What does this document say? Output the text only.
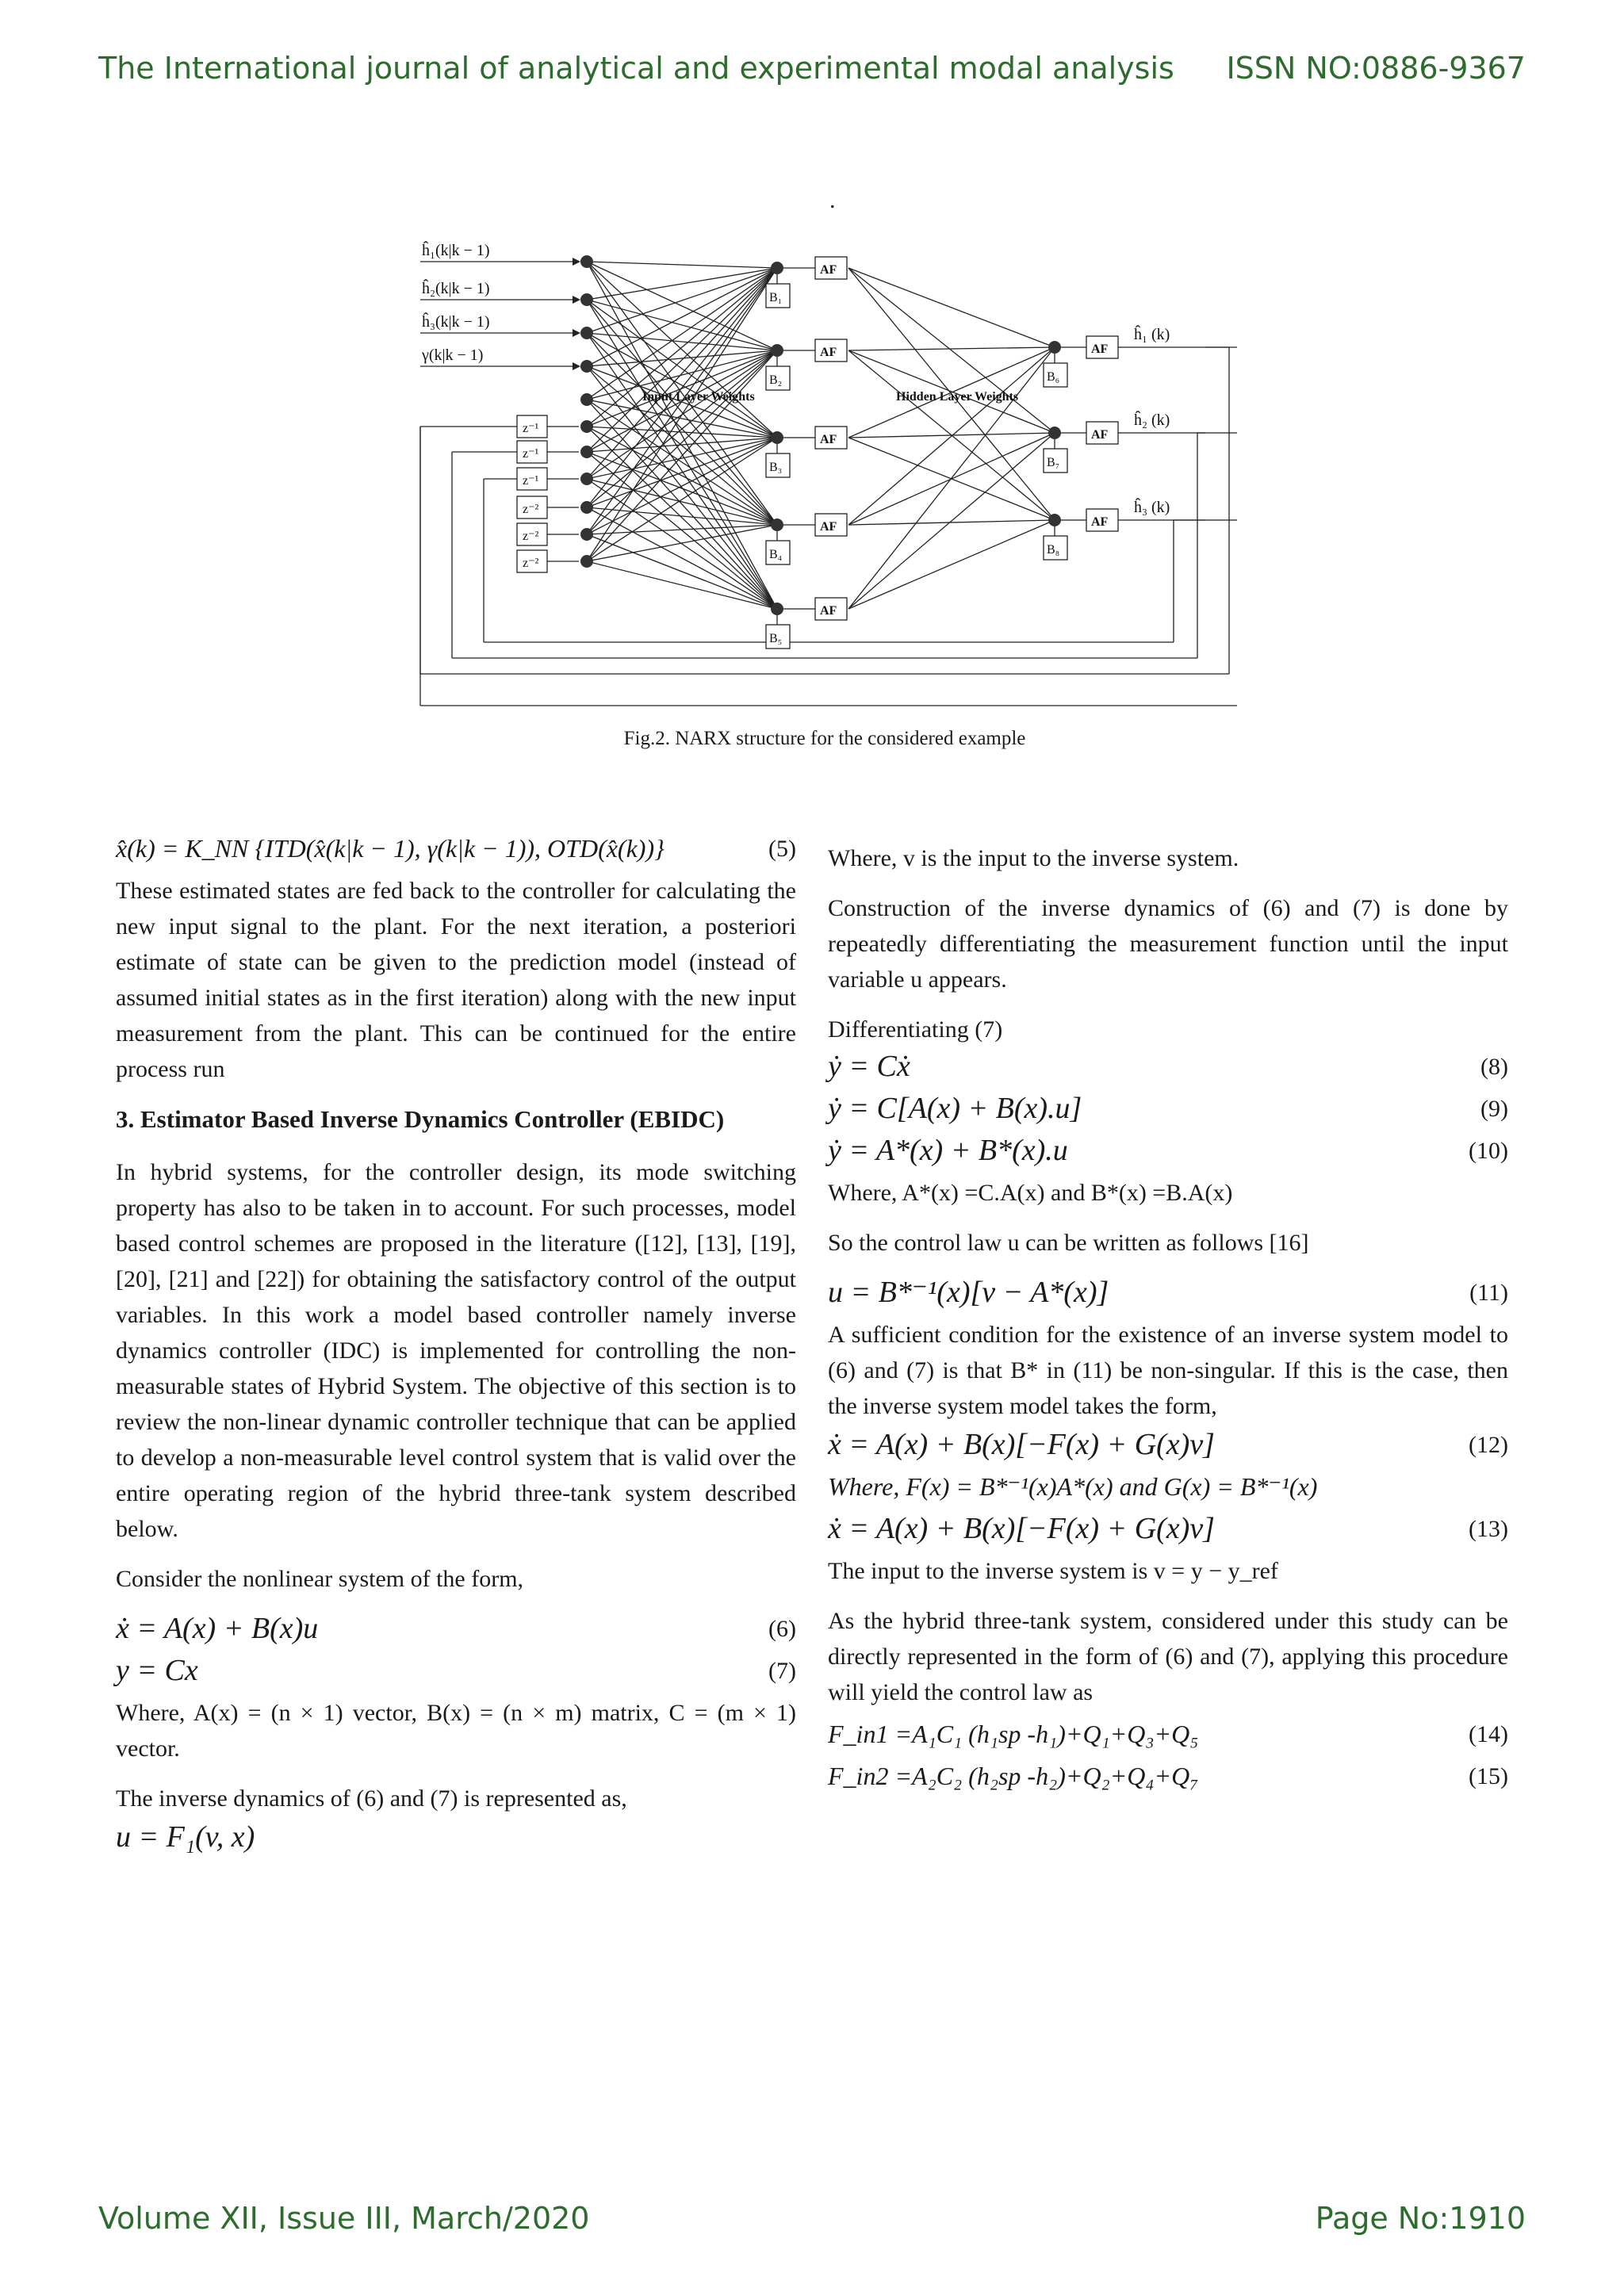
The International journal of analytical and experimental modal analysis ISSN NO:0886-9367
.
ĥ₁(k|k − 1)
ĥ₂(k|k − 1)
ĥ₃(k|k − 1)
γ(k|k − 1)
z⁻¹
z⁻¹
z⁻¹
z⁻²
z⁻²
z⁻²
B₁
AF
B₂
AF
B₃
AF
B₄
AF
B₅
AF
B₆
AF
ĥ₁ (k)
B₇
AF
ĥ₂ (k)
B₈
AF
ĥ₃ (k)
Input Layer Weights	Hidden Layer Weights
Fig.2. NARX structure for the considered example
x̂(k) = K_NN {ITD(x̂(k|k − 1), γ(k|k − 1)), OTD(x̂(k))}	(5)

These estimated states are fed back to the controller for calculating the new input signal to the plant. For the next iteration, a posteriori estimate of state can be given to the prediction model (instead of assumed initial states as in the first iteration) along with the new input measurement from the plant. This can be continued for the entire process run

3. Estimator Based Inverse Dynamics Controller (EBIDC)

In hybrid systems, for the controller design, its mode switching property has also to be taken in to account. For such processes, model based control schemes are proposed in the literature ([12], [13], [19], [20], [21] and [22]) for obtaining the satisfactory control of the output variables. In this work a model based controller namely inverse dynamics controller (IDC) is implemented for controlling the non-measurable states of Hybrid System. The objective of this section is to review the non-linear dynamic controller technique that can be applied to develop a non-measurable level control system that is valid over the entire operating region of the hybrid three-tank system described below.

Consider the nonlinear system of the form,

ẋ = A(x) + B(x)u	(6)
y = Cx	(7)

Where, A(x) = (n × 1) vector, B(x) = (n × m) matrix, C = (m × 1) vector.

The inverse dynamics of (6) and (7) is represented as,

u = F₁(v, x)

Where, v is the input to the inverse system.

Construction of the inverse dynamics of (6) and (7) is done by repeatedly differentiating the measurement function until the input variable u appears.

Differentiating (7)

ẏ = Cẋ	(8)
ẏ = C[A(x) + B(x).u]	(9)
ẏ = A*(x) + B*(x).u	(10)

Where, A*(x) =C.A(x) and B*(x) =B.A(x)

So the control law u can be written as follows [16]

u = B*⁻¹(x)[v − A*(x)]	(11)

A sufficient condition for the existence of an inverse system model to (6) and (7) is that B* in (11) be non-singular. If this is the case, then the inverse system model takes the form,

ẋ = A(x) + B(x)[−F(x) + G(x)v]	(12)
Where, F(x) = B*⁻¹(x)A*(x) and G(x) = B*⁻¹(x)
ẋ = A(x) + B(x)[−F(x) + G(x)v]	(13)

The input to the inverse system is v = y − y_ref

As the hybrid three-tank system, considered under this study can be directly represented in the form of (6) and (7), applying this procedure will yield the control law as

F_in1 =A₁C₁ (h₁sp -h₁)+Q₁+Q₃+Q₅	(14)
F_in2 =A₂C₂ (h₂sp -h₂)+Q₂+Q₄+Q₇	(15)
Volume XII, Issue III, March/2020	Page No:1910
